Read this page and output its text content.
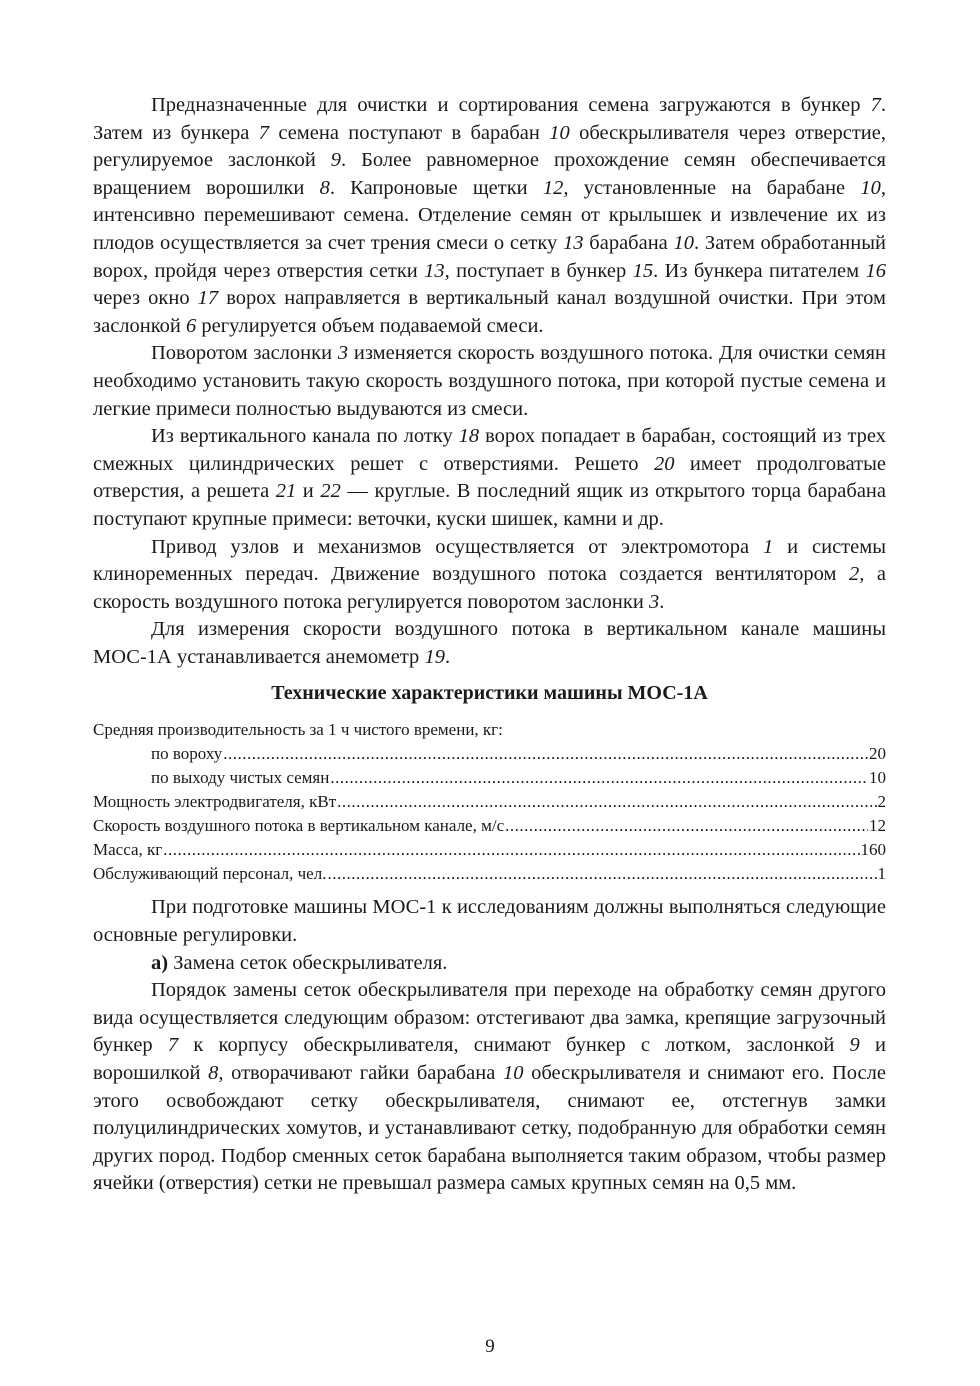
Предназначенные для очистки и сортирования семена загружаются в бункер 7. Затем из бункера 7 семена поступают в барабан 10 обескрыливателя через отверстие, регулируемое заслонкой 9. Более равномерное прохождение семян обеспечивается вращением ворошилки 8. Капроновые щетки 12, установленные на барабане 10, интенсивно перемешивают семена. Отделение семян от крылышек и извлечение их из плодов осуществляется за счет трения смеси о сетку 13 барабана 10. Затем обработанный ворох, пройдя через отверстия сетки 13, поступает в бункер 15. Из бункера питателем 16 через окно 17 ворох направляется в вертикальный канал воздушной очистки. При этом заслонкой 6 регулируется объем подаваемой смеси.

Поворотом заслонки 3 изменяется скорость воздушного потока. Для очистки семян необходимо установить такую скорость воздушного потока, при которой пустые семена и легкие примеси полностью выдуваются из смеси.

Из вертикального канала по лотку 18 ворох попадает в барабан, состоящий из трех смежных цилиндрических решет с отверстиями. Решето 20 имеет продолговатые отверстия, а решета 21 и 22 — круглые. В последний ящик из открытого торца барабана поступают крупные примеси: веточки, куски шишек, камни и др.

Привод узлов и механизмов осуществляется от электромотора 1 и системы клиноременных передач. Движение воздушного потока создается вентилятором 2, а скорость воздушного потока регулируется поворотом заслонки 3.

Для измерения скорости воздушного потока в вертикальном канале машины МОС-1А устанавливается анемометр 19.

Технические характеристики машины МОС-1А

Средняя производительность за 1 ч чистого времени, кг:

по вороху .....	20
по выходу чистых семян .....	10
Мощность электродвигателя, кВт .....	2
Скорость воздушного потока в вертикальном канале, м/с .....	12
Масса, кг .....	160
Обслуживающий персонал, чел. .....	1

При подготовке машины МОС-1 к исследованиям должны выполняться следующие основные регулировки.

а) Замена сеток обескрыливателя.

Порядок замены сеток обескрыливателя при переходе на обработку семян другого вида осуществляется следующим образом: отстегивают два замка, крепящие загрузочный бункер 7 к корпусу обескрыливателя, снимают бункер с лотком, заслонкой 9 и ворошилкой 8, отворачивают гайки барабана 10 обескрыливателя и снимают его. После этого освобождают сетку обескрыливателя, снимают ее, отстегнув замки полуцилиндрических хомутов, и устанавливают сетку, подобранную для обработки семян других пород. Подбор сменных сеток барабана выполняется таким образом, чтобы размер ячейки (отверстия) сетки не превышал размера самых крупных семян на 0,5 мм.

9
